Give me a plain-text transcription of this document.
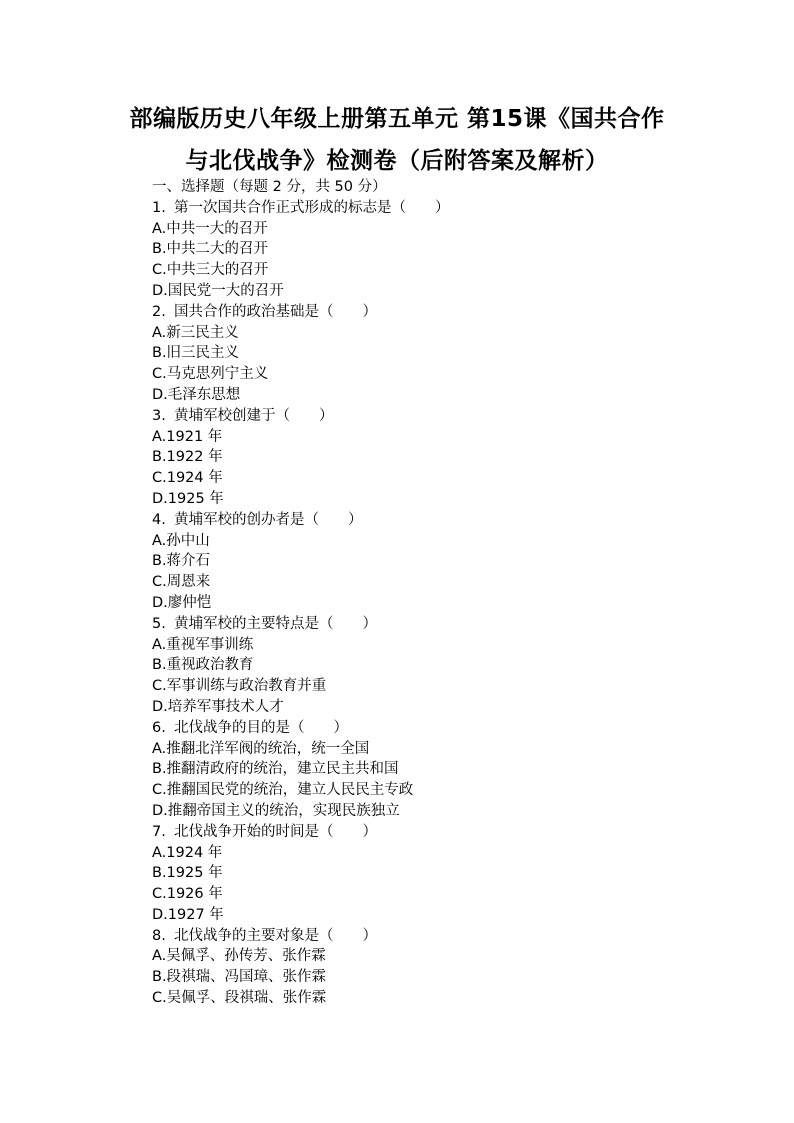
部编版历史八年级上册第五单元 第15课《国共合作
与北伐战争》检测卷（后附答案及解析）
一、选择题（每题 2 分，共 50 分）
1. 第一次国共合作正式形成的标志是（　　）
A.中共一大的召开
B.中共二大的召开
C.中共三大的召开
D.国民党一大的召开
2. 国共合作的政治基础是（　　）
A.新三民主义
B.旧三民主义
C.马克思列宁主义
D.毛泽东思想
3. 黄埔军校创建于（　　）
A.1921 年
B.1922 年
C.1924 年
D.1925 年
4. 黄埔军校的创办者是（　　）
A.孙中山
B.蒋介石
C.周恩来
D.廖仲恺
5. 黄埔军校的主要特点是（　　）
A.重视军事训练
B.重视政治教育
C.军事训练与政治教育并重
D.培养军事技术人才
6. 北伐战争的目的是（　　）
A.推翻北洋军阀的统治，统一全国
B.推翻清政府的统治，建立民主共和国
C.推翻国民党的统治，建立人民民主专政
D.推翻帝国主义的统治，实现民族独立
7. 北伐战争开始的时间是（　　）
A.1924 年
B.1925 年
C.1926 年
D.1927 年
8. 北伐战争的主要对象是（　　）
A.吴佩孚、孙传芳、张作霖
B.段祺瑞、冯国璋、张作霖
C.吴佩孚、段祺瑞、张作霖
